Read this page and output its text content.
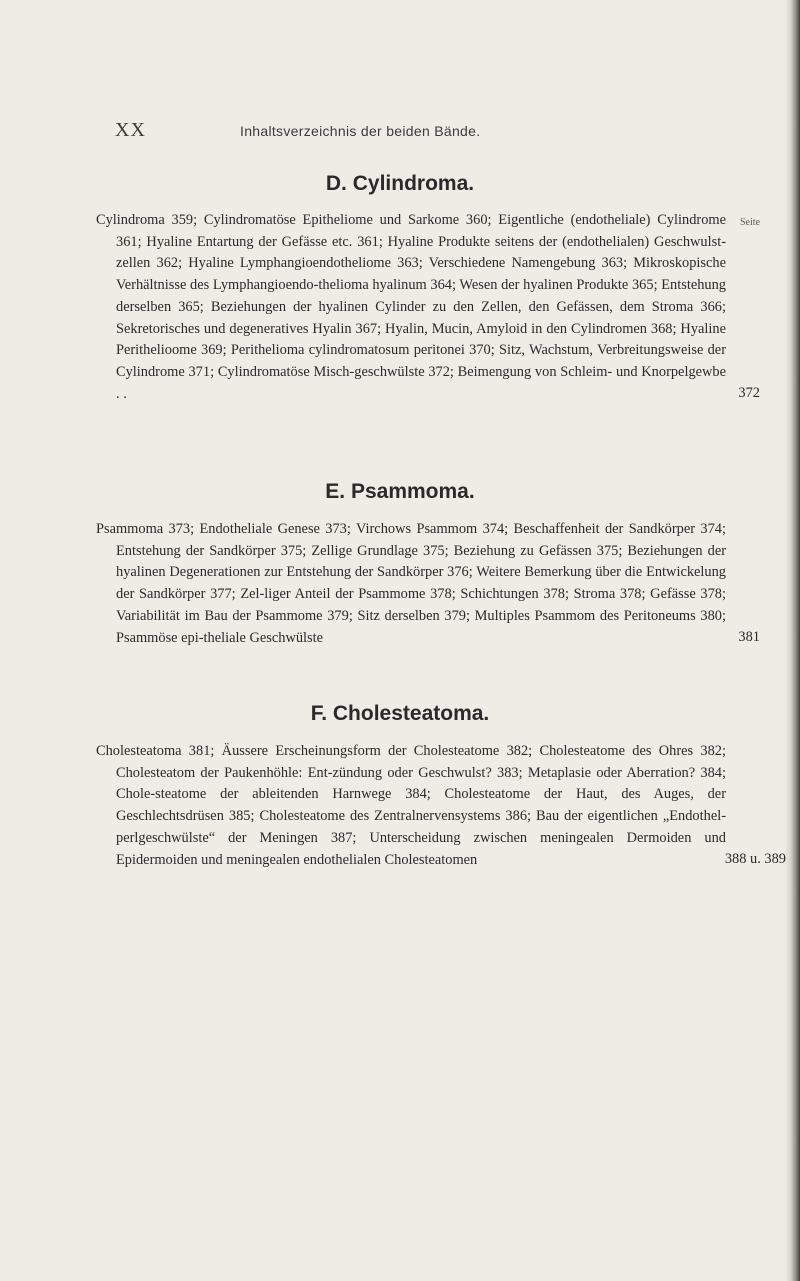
XX	Inhaltsverzeichnis der beiden Bände.
D. Cylindroma.
Seite

Cylindroma 359; Cylindromatöse Epitheliome und Sarkome 360; Eigentliche (endotheliale) Cylindrome 361; Hyaline Entartung der Gefässe etc. 361; Hyaline Produkte seitens der (endothelialen) Geschwulst-zellen 362; Hyaline Lymphangioendotheliome 363; Verschiedene Namengebung 363; Mikroskopische Verhältnisse des Lymphangioendo-thelioma hyalinum 364; Wesen der hyalinen Produkte 365; Entstehung derselben 365; Beziehungen der hyalinen Cylinder zu den Zellen, den Gefässen, dem Stroma 366; Sekretorisches und degeneratives Hyalin 367; Hyalin, Mucin, Amyloid in den Cylindromen 368; Hyaline Perithelioome 369; Perithelioma cylindromatosum peritonei 370; Sitz, Wachstum, Verbreitungsweise der Cylindrome 371; Cylindromatöse Misch-geschwülste 372; Beimengung von Schleim- und Knorpelgewbe . .	372
E. Psammoma.

Psammoma 373; Endotheliale Genese 373; Virchows Psammom 374; Beschaffenheit der Sandkörper 374; Entstehung der Sandkörper 375; Zellige Grundlage 375; Beziehung zu Gefässen 375; Beziehungen der hyalinen Degenerationen zur Entstehung der Sandkörper 376; Weitere Bemerkung über die Entwickelung der Sandkörper 377; Zel-liger Anteil der Psammome 378; Schichtungen 378; Stroma 378; Gefässe 378; Variabilität im Bau der Psammome 379; Sitz derselben 379; Multiples Psammom des Peritoneums 380; Psammöse epi-theliale Geschwülste	381
F. Cholesteatoma.

Cholesteatoma 381; Äussere Erscheinungsform der Cholesteatome 382; Cholesteatome des Ohres 382; Cholesteatom der Paukenhöhle: Ent-zündung oder Geschwulst? 383; Metaplasie oder Aberration? 384; Chole-steatome der ableitenden Harnwege 384; Cholesteatome der Haut, des Auges, der Geschlechtsdrüsen 385; Cholesteatome des Zentralnervensystems 386; Bau der eigentlichen „Endothel-perlgeschwülste“ der Meningen 387; Unterscheidung zwischen meningealen Dermoiden und Epidermoiden und meningealen endothelialen Cholesteatomen	388 u. 389
